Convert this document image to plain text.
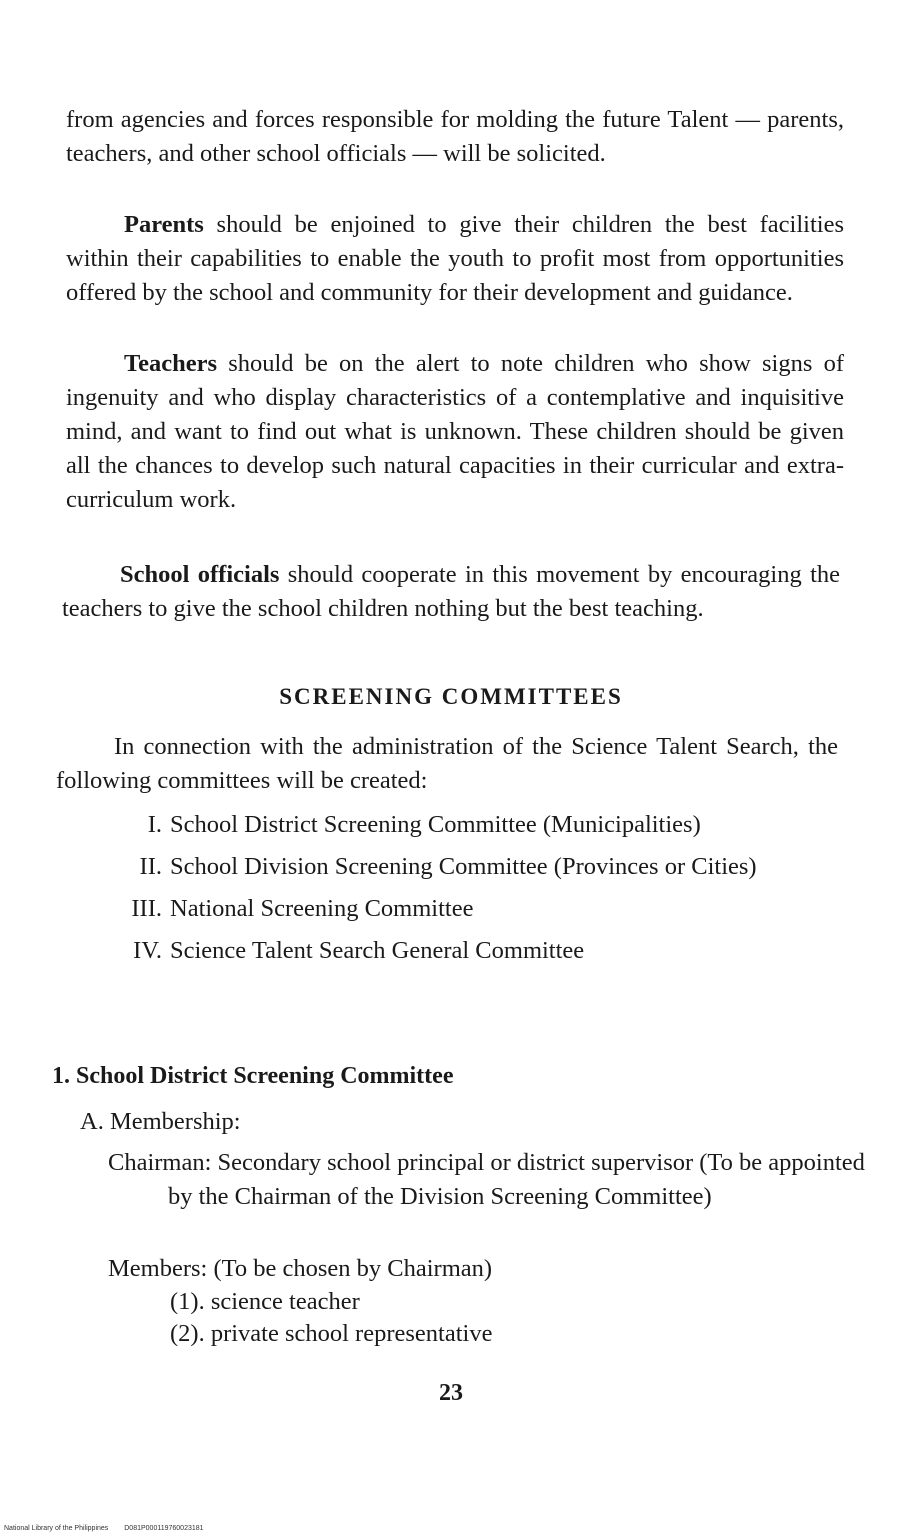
from agencies and forces responsible for molding the future Talent — parents, teachers, and other school officials — will be solicited.

Parents should be enjoined to give their children the best facilities within their capabilities to enable the youth to profit most from opportunities offered by the school and community for their development and guidance.

Teachers should be on the alert to note children who show signs of ingenuity and who display characteristics of a contemplative and inquisitive mind, and want to find out what is unknown. These children should be given all the chances to develop such natural capacities in their curricular and extra-curriculum work.

School officials should cooperate in this movement by encouraging the teachers to give the school children nothing but the best teaching.

SCREENING COMMITTEES

In connection with the administration of the Science Talent Search, the following committees will be created:

I. School District Screening Committee (Municipalities)
II. School Division Screening Committee (Provinces or Cities)
III. National Screening Committee
IV. Science Talent Search General Committee
1. School District Screening Committee

A. Membership:

Chairman: Secondary school principal or district supervisor (To be appointed by the Chairman of the Division Screening Committee)

Members: (To be chosen by Chairman)

(1). science teacher

(2). private school representative

23

National Library of the Philippines D081P000119760023181
